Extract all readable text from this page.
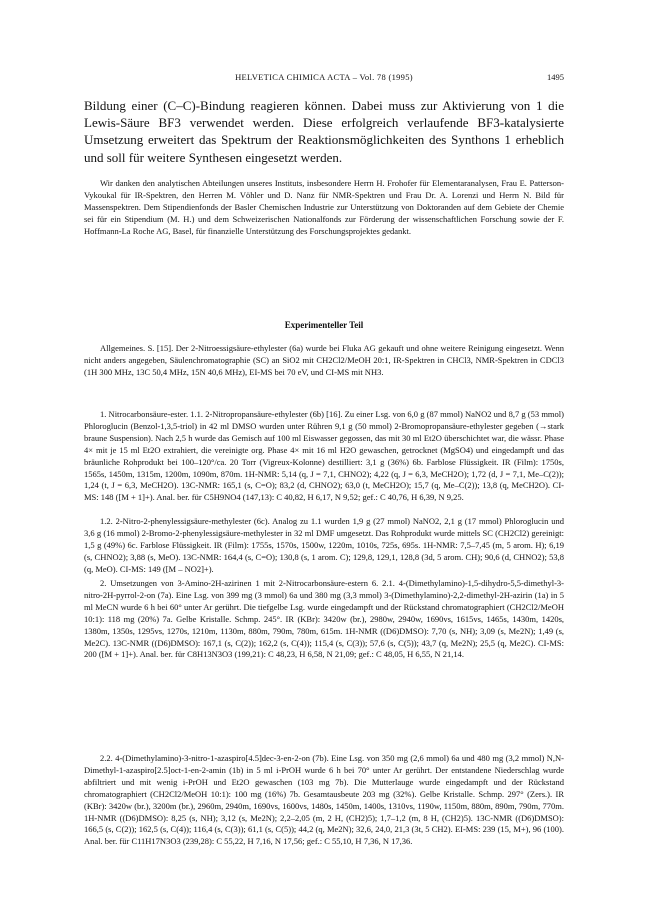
HELVETICA CHIMICA ACTA – Vol. 78 (1995)	1495

Bildung einer (C–C)-Bindung reagieren können. Dabei muss zur Aktivierung von 1 die Lewis-Säure BF3 verwendet werden. Diese erfolgreich verlaufende BF3-katalysierte Umsetzung erweitert das Spektrum der Reaktionsmöglichkeiten des Synthons 1 erheblich und soll für weitere Synthesen eingesetzt werden.

Wir danken den analytischen Abteilungen unseres Instituts, insbesondere Herrn H. Frohofer für Elementaranalysen, Frau E. Patterson-Vykoukal für IR-Spektren, den Herren M. Vöhler und D. Nanz für NMR-Spektren und Frau Dr. A. Lorenzi und Herrn N. Bild für Massenspektren. Dem Stipendienfonds der Basler Chemischen Industrie zur Unterstützung von Doktoranden auf dem Gebiete der Chemie sei für ein Stipendium (M. H.) und dem Schweizerischen Nationalfonds zur Förderung der wissenschaftlichen Forschung sowie der F. Hoffmann-La Roche AG, Basel, für finanzielle Unterstützung des Forschungsprojektes gedankt.

Experimenteller Teil

Allgemeines. S. [15]. Der 2-Nitroessigsäure-ethylester (6a) wurde bei Fluka AG gekauft und ohne weitere Reinigung eingesetzt. Wenn nicht anders angegeben, Säulenchromatographie (SC) an SiO2 mit CH2Cl2/MeOH 20:1, IR-Spektren in CHCl3, NMR-Spektren in CDCl3 (1H 300 MHz, 13C 50,4 MHz, 15N 40,6 MHz), EI-MS bei 70 eV, und CI-MS mit NH3.

1. Nitrocarbonsäure-ester. 1.1. 2-Nitropropansäure-ethylester (6b) [16]. Zu einer Lsg. von 6,0 g (87 mmol) NaNO2 und 8,7 g (53 mmol) Phloroglucin (Benzol-1,3,5-triol) in 42 ml DMSO wurden unter Rühren 9,1 g (50 mmol) 2-Bromopropansäure-ethylester gegeben (→stark braune Suspension). Nach 2,5 h wurde das Gemisch auf 100 ml Eiswasser gegossen, das mit 30 ml Et2O überschichtet war, die wässr. Phase 4× mit je 15 ml Et2O extrahiert, die vereinigte org. Phase 4× mit 16 ml H2O gewaschen, getrocknet (MgSO4) und eingedampft und das bräunliche Rohprodukt bei 100–120°/ca. 20 Torr (Vigreux-Kolonne) destilliert: 3,1 g (36%) 6b. Farblose Flüssigkeit. IR (Film): 1750s, 1565s, 1450m, 1315m, 1200m, 1090m, 870m. 1H-NMR: 5,14 (q, J = 7,1, CHNO2); 4,22 (q, J = 6,3, MeCH2O); 1,72 (d, J = 7,1, Me–C(2)); 1,24 (t, J = 6,3, MeCH2O). 13C-NMR: 165,1 (s, C=O); 83,2 (d, CHNO2); 63,0 (t, MeCH2O); 15,7 (q, Me–C(2)); 13,8 (q, MeCH2O). CI-MS: 148 ([M + 1]+). Anal. ber. für C5H9NO4 (147,13): C 40,82, H 6,17, N 9,52; gef.: C 40,76, H 6,39, N 9,25.

1.2. 2-Nitro-2-phenylessigsäure-methylester (6c). Analog zu 1.1 wurden 1,9 g (27 mmol) NaNO2, 2,1 g (17 mmol) Phloroglucin und 3,6 g (16 mmol) 2-Bromo-2-phenylessigsäure-methylester in 32 ml DMF umgesetzt. Das Rohprodukt wurde mittels SC (CH2Cl2) gereinigt: 1,5 g (49%) 6c. Farblose Flüssigkeit. IR (Film): 1755s, 1570s, 1500w, 1220m, 1010s, 725s, 695s. 1H-NMR: 7,5–7,45 (m, 5 arom. H); 6,19 (s, CHNO2); 3,88 (s, MeO). 13C-NMR: 164,4 (s, C=O); 130,8 (s, 1 arom. C); 129,8, 129,1, 128,8 (3d, 5 arom. CH); 90,6 (d, CHNO2); 53,8 (q, MeO). CI-MS: 149 ([M – NO2]+).

2. Umsetzungen von 3-Amino-2H-azirinen 1 mit 2-Nitrocarbonsäure-estern 6. 2.1. 4-(Dimethylamino)-1,5-dihydro-5,5-dimethyl-3-nitro-2H-pyrrol-2-on (7a). Eine Lsg. von 399 mg (3 mmol) 6a und 380 mg (3,3 mmol) 3-(Dimethylamino)-2,2-dimethyl-2H-azirin (1a) in 5 ml MeCN wurde 6 h bei 60° unter Ar gerührt. Die tiefgelbe Lsg. wurde eingedampft und der Rückstand chromatographiert (CH2Cl2/MeOH 10:1): 118 mg (20%) 7a. Gelbe Kristalle. Schmp. 245°. IR (KBr): 3420w (br.), 2980w, 2940w, 1690vs, 1615vs, 1465s, 1430m, 1420s, 1380m, 1350s, 1295vs, 1270s, 1210m, 1130m, 880m, 790m, 780m, 615m. 1H-NMR ((D6)DMSO): 7,70 (s, NH); 3,09 (s, Me2N); 1,49 (s, Me2C). 13C-NMR ((D6)DMSO): 167,1 (s, C(2)); 162,2 (s, C(4)); 115,4 (s, C(3)); 57,6 (s, C(5)); 43,7 (q, Me2N); 25,5 (q, Me2C). CI-MS: 200 ([M + 1]+). Anal. ber. für C8H13N3O3 (199,21): C 48,23, H 6,58, N 21,09; gef.: C 48,05, H 6,55, N 21,14.

2.2. 4-(Dimethylamino)-3-nitro-1-azaspiro[4.5]dec-3-en-2-on (7b). Eine Lsg. von 350 mg (2,6 mmol) 6a und 480 mg (3,2 mmol) N,N-Dimethyl-1-azaspiro[2.5]oct-1-en-2-amin (1b) in 5 ml i-PrOH wurde 6 h bei 70° unter Ar gerührt. Der entstandene Niederschlag wurde abfiltriert und mit wenig i-PrOH und Et2O gewaschen (103 mg 7b). Die Mutterlauge wurde eingedampft und der Rückstand chromatographiert (CH2Cl2/MeOH 10:1): 100 mg (16%) 7b. Gesamtausbeute 203 mg (32%). Gelbe Kristalle. Schmp. 297° (Zers.). IR (KBr): 3420w (br.), 3200m (br.), 2960m, 2940m, 1690vs, 1600vs, 1480s, 1450m, 1400s, 1310vs, 1190w, 1150m, 880m, 890m, 790m, 770m. 1H-NMR ((D6)DMSO): 8,25 (s, NH); 3,12 (s, Me2N); 2,2–2,05 (m, 2 H, (CH2)5); 1,7–1,2 (m, 8 H, (CH2)5). 13C-NMR ((D6)DMSO): 166,5 (s, C(2)); 162,5 (s, C(4)); 116,4 (s, C(3)); 61,1 (s, C(5)); 44,2 (q, Me2N); 32,6, 24,0, 21,3 (3t, 5 CH2). EI-MS: 239 (15, M+), 96 (100). Anal. ber. für C11H17N3O3 (239,28): C 55,22, H 7,16, N 17,56; gef.: C 55,10, H 7,36, N 17,36.
